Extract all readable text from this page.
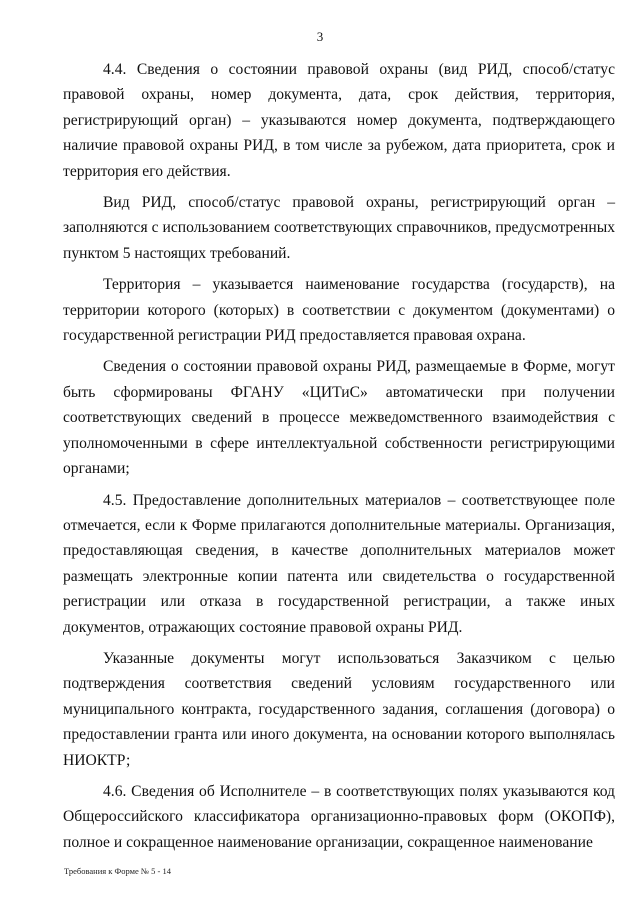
3

4.4. Сведения о состоянии правовой охраны (вид РИД, способ/статус правовой охраны, номер документа, дата, срок действия, территория, регистрирующий орган) – указываются номер документа, подтверждающего наличие правовой охраны РИД, в том числе за рубежом, дата приоритета, срок и территория его действия.

Вид РИД, способ/статус правовой охраны, регистрирующий орган – заполняются с использованием соответствующих справочников, предусмотренных пунктом 5 настоящих требований.

Территория – указывается наименование государства (государств), на территории которого (которых) в соответствии с документом (документами) о государственной регистрации РИД предоставляется правовая охрана.

Сведения о состоянии правовой охраны РИД, размещаемые в Форме, могут быть сформированы ФГАНУ «ЦИТиС» автоматически при получении соответствующих сведений в процессе межведомственного взаимодействия с уполномоченными в сфере интеллектуальной собственности регистрирующими органами;

4.5. Предоставление дополнительных материалов – соответствующее поле отмечается, если к Форме прилагаются дополнительные материалы. Организация, предоставляющая сведения, в качестве дополнительных материалов может размещать электронные копии патента или свидетельства о государственной регистрации или отказа в государственной регистрации, а также иных документов, отражающих состояние правовой охраны РИД.

Указанные документы могут использоваться Заказчиком с целью подтверждения соответствия сведений условиям государственного или муниципального контракта, государственного задания, соглашения (договора) о предоставлении гранта или иного документа, на основании которого выполнялась НИОКТР;

4.6. Сведения об Исполнителе – в соответствующих полях указываются код Общероссийского классификатора организационно-правовых форм (ОКОПФ), полное и сокращенное наименование организации, сокращенное наименование

Требования к Форме № 5 - 14
